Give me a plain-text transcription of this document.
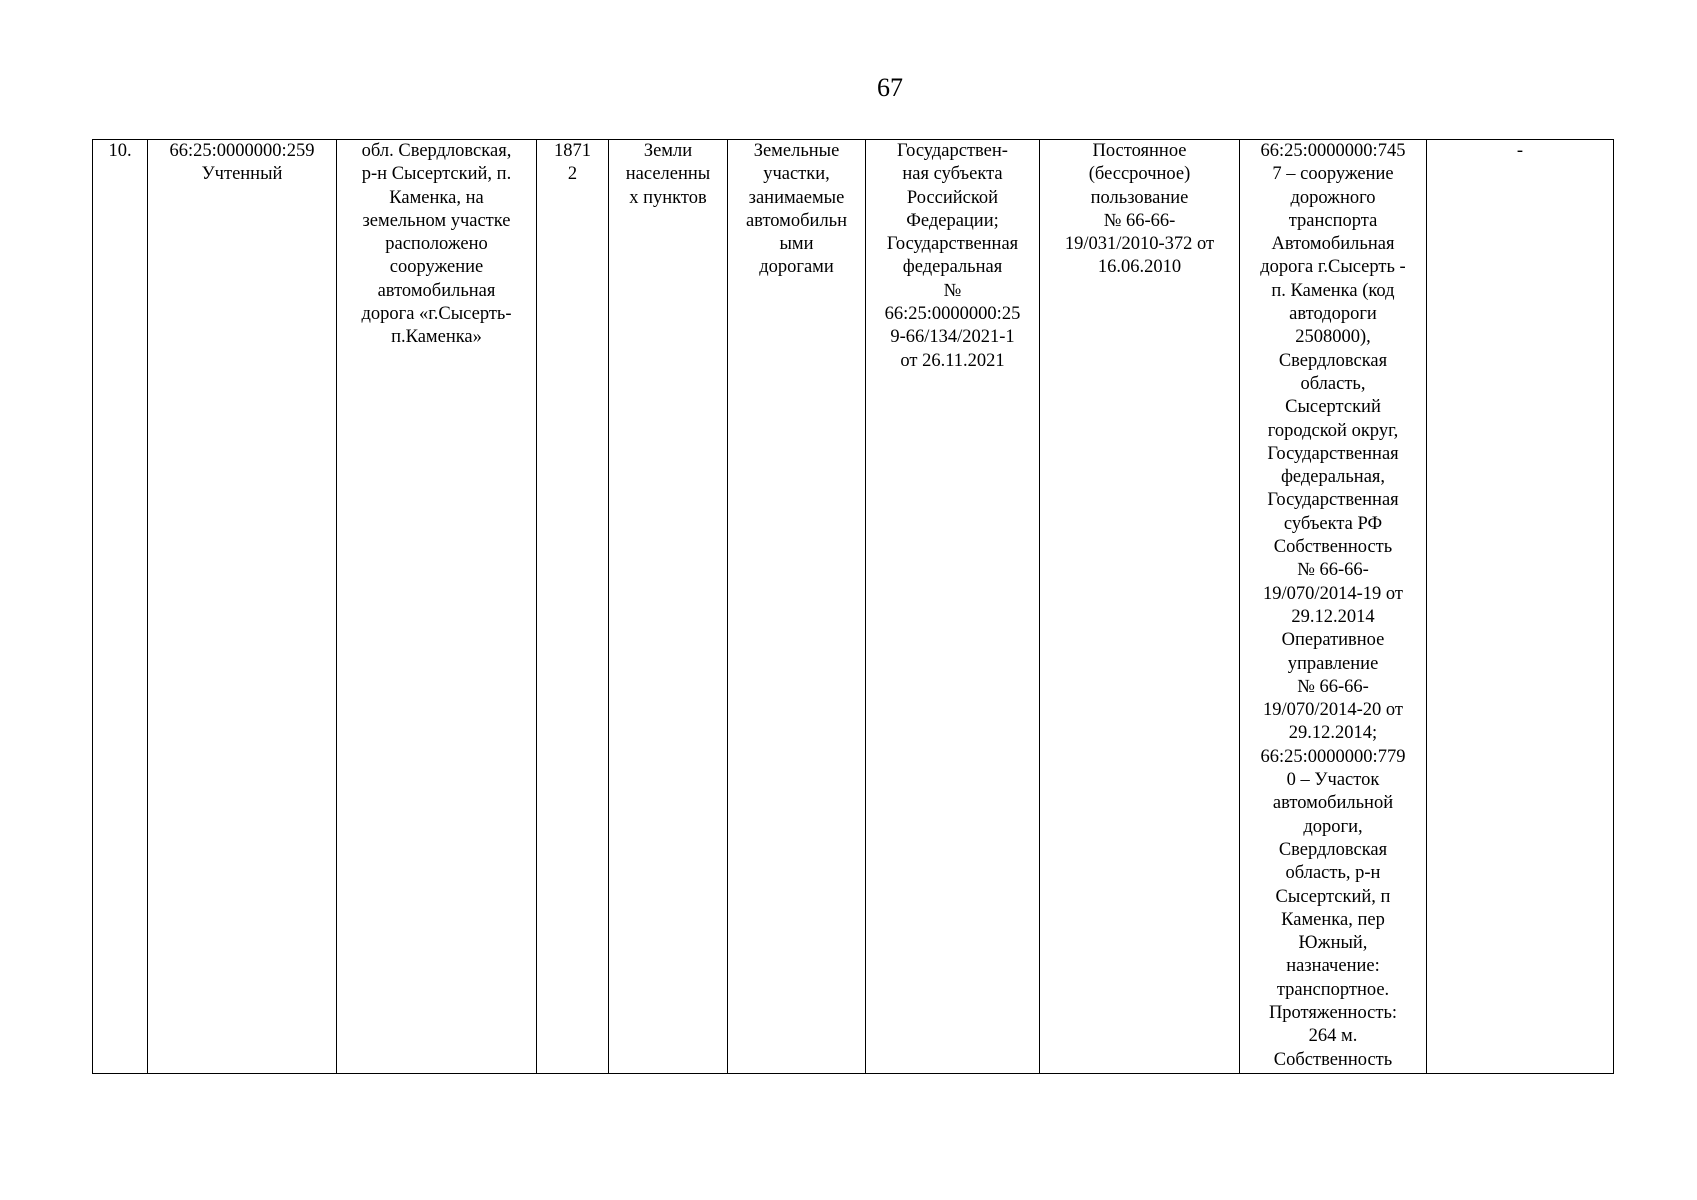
67
10.	66:25:0000000:259
Учтенный	обл. Свердловская,
р-н Сысертский, п.
Каменка, на
земельном участке
расположено
сооружение
автомобильная
дорога «г.Сысерть-
п.Каменка»	1871
2	Земли
населенны
х пунктов	Земельные
участки,
занимаемые
автомобильн
ыми
дорогами	Государствен-
ная субъекта
Российской
Федерации;
Государственная
федеральная
№
66:25:0000000:25
9-66/134/2021-1
от 26.11.2021	Постоянное
(бессрочное)
пользование
№ 66-66-
19/031/2010-372 от
16.06.2010	66:25:0000000:745
7 – сооружение
дорожного
транспорта
Автомобильная
дорога г.Сысерть -
п. Каменка (код
автодороги
2508000),
Свердловская
область,
Сысертский
городской округ,
Государственная
федеральная,
Государственная
субъекта РФ
Собственность
№ 66-66-
19/070/2014-19 от
29.12.2014
Оперативное
управление
№ 66-66-
19/070/2014-20 от
29.12.2014;
66:25:0000000:779
0 – Участок
автомобильной
дороги,
Свердловская
область, р-н
Сысертский, п
Каменка, пер
Южный,
назначение:
транспортное.
Протяженность:
264 м.
Собственность	-
